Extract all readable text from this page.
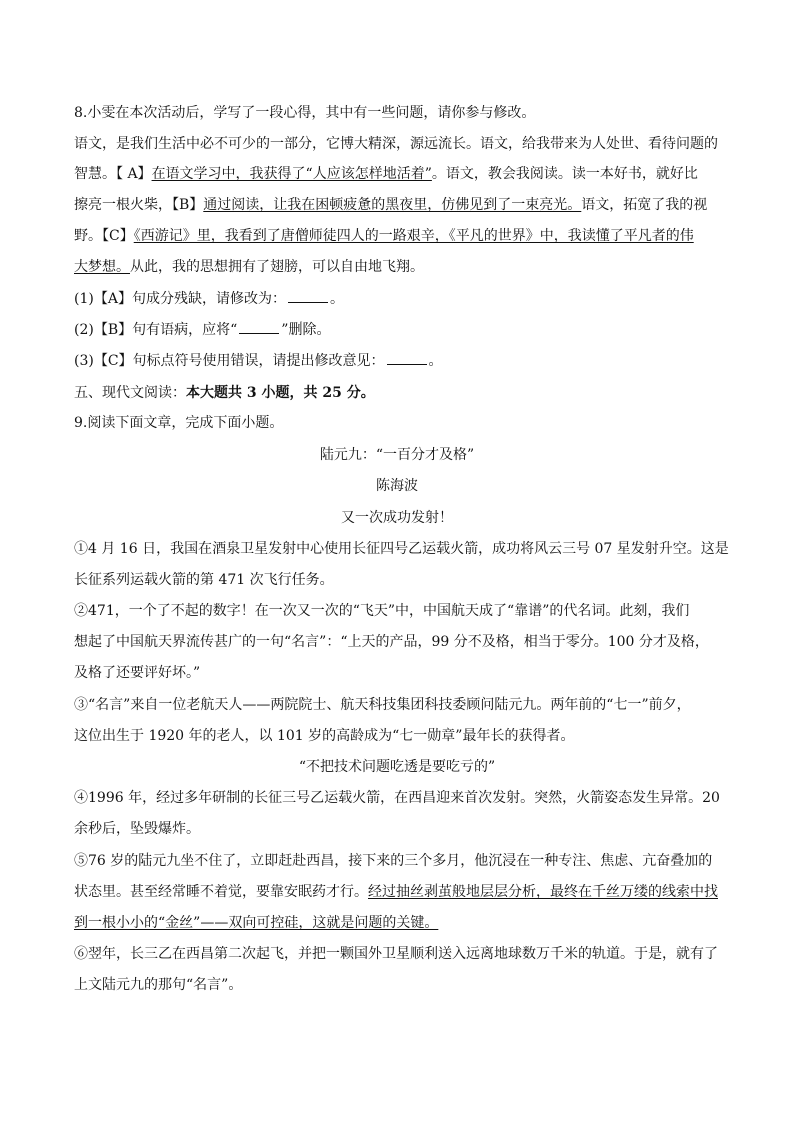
8.小雯在本次活动后，学写了一段心得，其中有一些问题，请你参与修改。
语文，是我们生活中必不可少的一部分，它博大精深，源远流长。语文，给我带来为人处世、看待问题的
智慧。【 A】在语文学习中，我获得了“人应该怎样地活着”。语文，教会我阅读。读一本好书，就好比
擦亮一根火柴，【B】通过阅读，让我在困顿疲惫的黑夜里，仿佛见到了一束亮光。语文，拓宽了我的视
野。【C】《西游记》里，我看到了唐僧师徒四人的一路艰辛，《平凡的世界》中，我读懂了平凡者的伟
大梦想。从此，我的思想拥有了翅膀，可以自由地飞翔。
(1)【A】句成分残缺，请修改为：	。
(2)【B】句有语病，应将“	”删除。
(3)【C】句标点符号使用错误，请提出修改意见：	。
五、现代文阅读：本大题共 3 小题，共 25 分。
9.阅读下面文章，完成下面小题。
陆元九：“一百分才及格”
陈海波
又一次成功发射！
①4 月 16 日，我国在酒泉卫星发射中心使用长征四号乙运载火箭，成功将风云三号 07 星发射升空。这是
长征系列运载火箭的第 471 次飞行任务。
②471，一个了不起的数字！在一次又一次的“飞天”中，中国航天成了“靠谱”的代名词。此刻，我们
想起了中国航天界流传甚广的一句“名言”：“上天的产品，99 分不及格，相当于零分。100 分才及格，
及格了还要评好坏。”
③“名言”来自一位老航天人——两院院士、航天科技集团科技委顾问陆元九。两年前的“七一”前夕，
这位出生于 1920 年的老人，以 101 岁的高龄成为“七一勋章”最年长的获得者。
“不把技术问题吃透是要吃亏的”
④1996 年，经过多年研制的长征三号乙运载火箭，在西昌迎来首次发射。突然，火箭姿态发生异常。20
余秒后，坠毁爆炸。
⑤76 岁的陆元九坐不住了，立即赶赴西昌，接下来的三个多月，他沉浸在一种专注、焦虑、亢奋叠加的
状态里。甚至经常睡不着觉，要靠安眠药才行。经过抽丝剥茧般地层层分析，最终在千丝万缕的线索中找
到一根小小的“金丝”——双向可控硅，这就是问题的关键。
⑥翌年，长三乙在西昌第二次起飞，并把一颗国外卫星顺利送入远离地球数万千米的轨道。于是，就有了
上文陆元九的那句“名言”。
